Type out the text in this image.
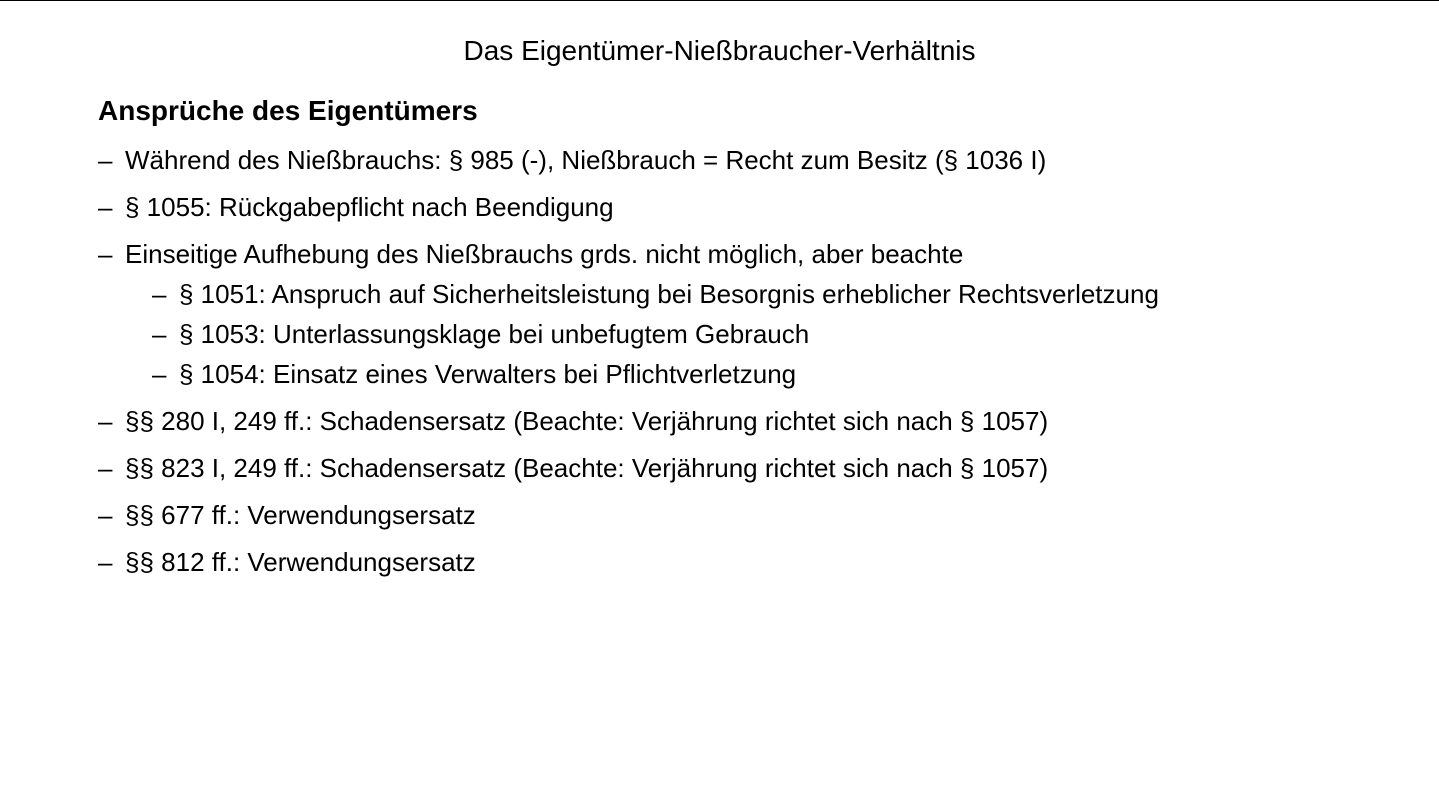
Das Eigentümer-Nießbraucher-Verhältnis
Ansprüche des Eigentümers
– Während des Nießbrauchs: § 985 (-), Nießbrauch = Recht zum Besitz (§ 1036 I)
– § 1055: Rückgabepflicht nach Beendigung
– Einseitige Aufhebung des Nießbrauchs grds. nicht möglich, aber beachte
– § 1051: Anspruch auf Sicherheitsleistung bei Besorgnis erheblicher Rechtsverletzung
– § 1053: Unterlassungsklage bei unbefugtem Gebrauch
– § 1054: Einsatz eines Verwalters bei Pflichtverletzung
– §§ 280 I, 249 ff.: Schadensersatz (Beachte: Verjährung richtet sich nach § 1057)
– §§ 823 I, 249 ff.: Schadensersatz (Beachte: Verjährung richtet sich nach § 1057)
– §§ 677 ff.: Verwendungsersatz
– §§ 812 ff.: Verwendungsersatz
